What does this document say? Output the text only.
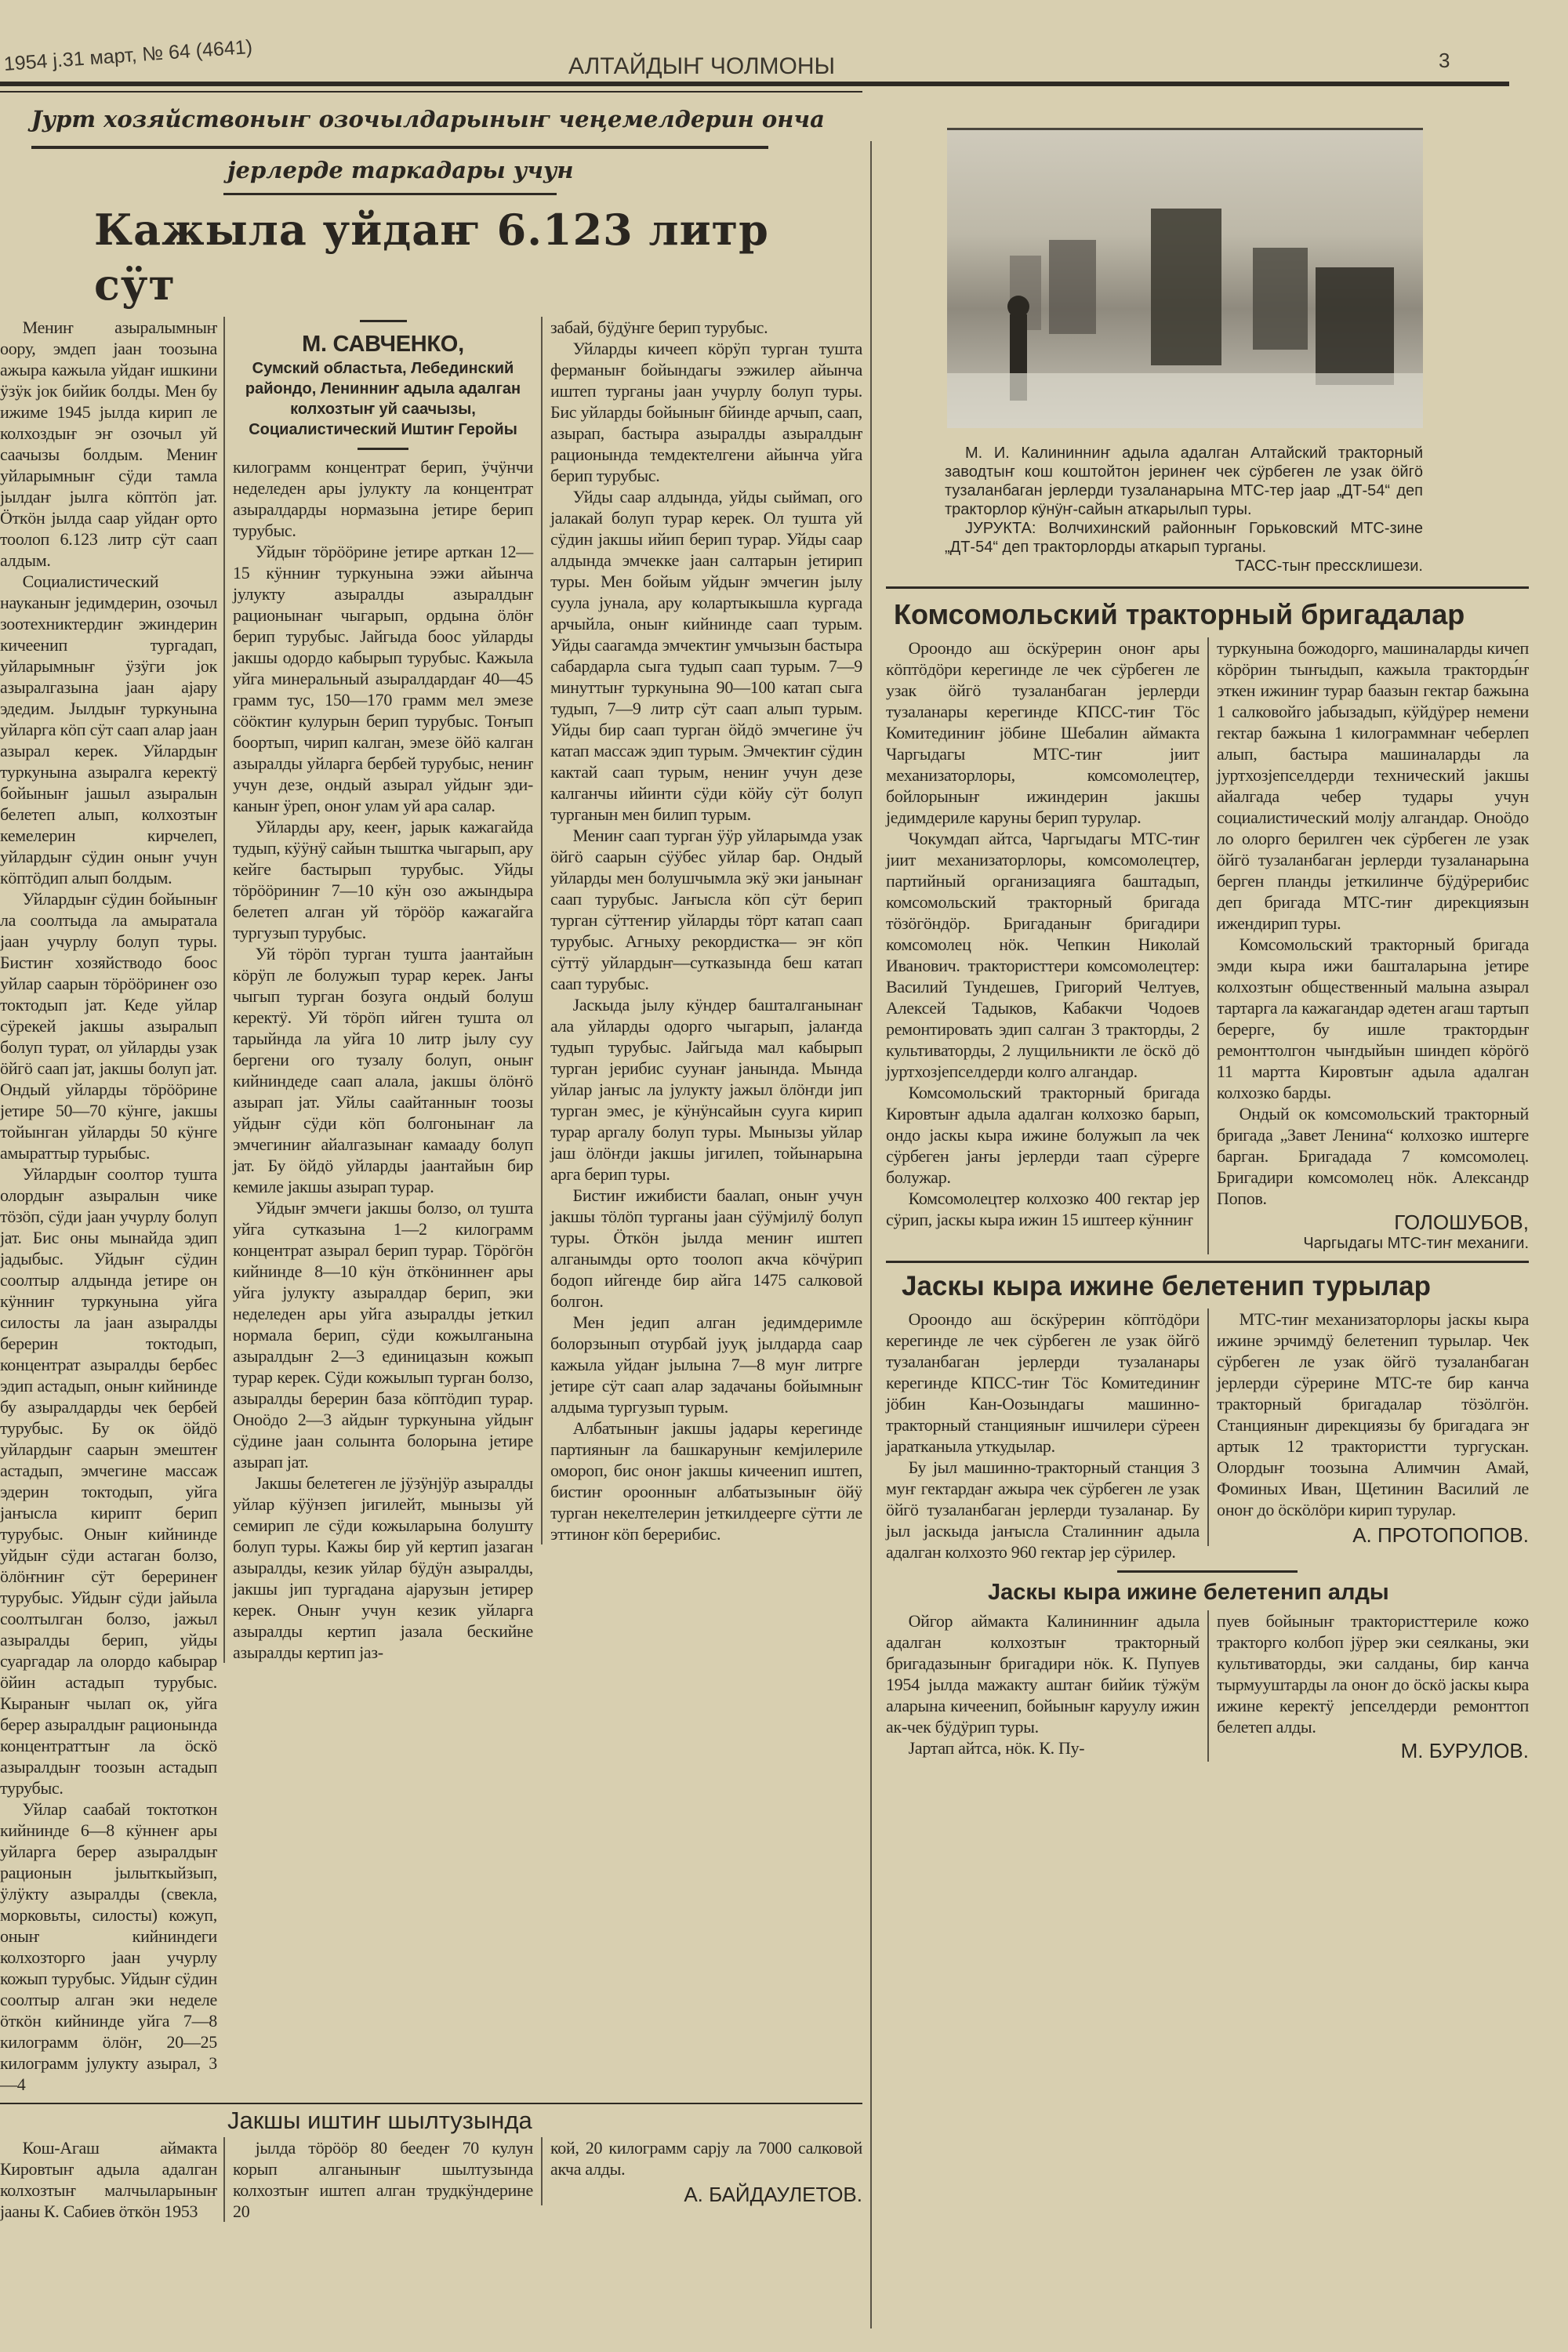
1954 j.31 март, № 64 (4641)	АЛТАЙДЫҤ ЧОЛМОНЫ	3
Јурт хозяйствоныҥ озочылдарыныҥ чеңемелдерин онча
јерлерде таркадары учун
Кажыла уйдаҥ 6.123 литр сӱт

Мениҥ азыралымныҥ оору, эмдеп јаан тоозына ажыра кажыла уйдаҥ ишкини ӱзӱк јок бийик болды. Мен бу ижиме 1945 јылда кирип ле колхоздыҥ эҥ озочыл уй саачызы болдым. Мениҥ уйларымныҥ сӱди тамла јылдаҥ јылга кӧптӧп јат. Ӧткӧн јылда саар уйдаҥ орто тоолоп 6.123 литр сӱт саап алдым.

Социалистический науканыҥ једимдерин, озочыл зоотехниктердиҥ эжиндерин кичеенип тургадап, уйларымныҥ ӱзӱги јок азыралгазына јаан ајару эдедим. Јылдыҥ туркунына уйларга кӧп сӱт саап алар јаан азырал керек. Уйлардыҥ туркунына азыралга керектӱ бойыныҥ јашыл азыралын белетеп алып, колхозтыҥ кемелерин кирчелеп, уйлардыҥ сӱдин оныҥ учун кӧптӧдип алып болдым.

Уйлардыҥ сӱдин бойыныҥ ла соолтыда ла амыратала јаан учурлу болуп туры. Бистиҥ хозяйстводо боос уйлар саарын тӧрӧӧринеҥ озо токтодып јат. Кеде уйлар сӱрекей јакшы азыралып болуп турат, ол уйларды узак ӧйгӧ саап јат, јакшы болуп јат. Ондый уйларды тӧрӧӧрине јетире 50—70 кӱнге, јакшы тойынган уйларды 50 кӱнге амыраттыр турыбыс.

Уйлардыҥ соолтор тушта олордыҥ азыралын чике тӧзӧп, сӱди јаан учурлу болуп јат. Бис оны мынайда эдип јадыбыс. Уйдыҥ сӱдин соолтыр алдында јетире он кӱнниҥ туркунына уйга силосты ла јаан азыралды берерин токтодып, концентрат азыралды бербес эдип астадып, оныҥ кийнинде бу азыралдарды чек бербей турубыс. Бу ок ӧйдӧ уйлардыҥ саарын эмештеҥ астадып, эмчегине массаж эдерин токтодып, уйга јаҥысла кирипт берип турубыс. Оныҥ кийнинде уйдыҥ сӱди астаган болзо, ӧлӧҥниҥ сӱт береринеҥ турубыс. Уйдыҥ сӱди јайыла соолтылган болзо, јажыл азыралды берип, уйды суаргадар ла олордо кабырар ӧйин астадып турубыс. Кыраныҥ чылап ок, уйга берер азыралдыҥ рационында концентраттыҥ ла ӧскӧ азыралдыҥ тоозын астадып турубыс.

Уйлар саабай токтоткон кийнинде 6—8 кӱннеҥ ары уйларга берер азыралдыҥ рационын јылыткыйзып, ӱлӱкту азыралды (свекла, морковьты, силосты) кожуп, оныҥ кийниндеги колхозторго јаан учурлу кожып турубыс. Уйдыҥ сӱдин соолтыр алган эки неделе ӧткӧн кийнинде уйга 7—8 килограмм ӧлӧҥ, 20—25 килограмм јулукту азырал, 3—4

М. САВЧЕНКО,
Сумский областьта, Лебединский райондо, Ленинниҥ адыла адалган колхозтыҥ уй саачызы, Социалистический Иштиҥ Геройы

килограмм концентрат берип, ӱчӱнчи неделеден ары јулукту ла концентрат азыралдарды нормазына јетире берип турубыс.

Уйдыҥ тӧрӧӧрине јетире арткан 12—15 кӱнниҥ туркунына ээжи айынча јулукту азыралды азыралдыҥ рационынаҥ чыгарып, ордына ӧлӧҥ берип турубыс. Јайгыда боос уйларды јакшы одордо кабырып турубыс. Кажыла уйга минеральный азыралдардаҥ 40—45 грамм тус, 150—170 грамм мел эмезе сӧӧктиҥ кулурын берип турубыс. Тоҥып боортып, чирип калган, эмезе ӧйӧ калган азыралды уйларга бербей турубыс, нениҥ учун дезе, ондый азырал уйдыҥ эди-каныҥ ӱреп, оноҥ улам уй ара салар.

Уйларды ару, кееҥ, јарык кажагайда тудып, кӱӱнӱ сайын тыштка чыгарып, ару кейге бастырып турубыс. Уйды тӧрӧӧриниҥ 7—10 кӱн озо ажындыра белетеп алган уй тӧрӧӧр кажагайга тургузып турубыс.

Уй тӧрӧп турган тушта јаантайын кӧрӱп ле болужып турар керек. Јаҥы чыгып турган бозуга ондый болуш керектӱ. Уй тӧрӧп ийген тушта ол тарыйнда ла уйга 10 литр јылу суу бергени ого тузалу болуп, оныҥ кийниндеде саап алала, јакшы ӧлӧҥӧ азырап јат. Уйлы саайтанныҥ тоозы уйдыҥ сӱди кӧп болгонынаҥ ла эмчегиниҥ айалгазынаҥ камааду болуп јат. Бу ӧйдӧ уйларды јаантайын бир кемиле јакшы азырап турар.

Уйдыҥ эмчеги јакшы болзо, ол тушта уйга сутказына 1—2 килограмм концентрат азырал берип турар. Тӧрӧгӧн кийнинде 8—10 кӱн ӧткӧниннеҥ ары уйга јулукту азыралдар берип, эки неделеден ары уйга азыралды јеткил нормала берип, сӱди кожылганына азыралдыҥ 2—3 единицазын кожып турар керек. Сӱди кожылып турган болзо, азыралды берерин база кӧптӧдип турар. Оноӧдо 2—3 айдыҥ туркунына уйдыҥ сӱдине јаан солынта болорына јетире азырап јат.

Јакшы белетеген ле јӱзӱнјӱр азыралды уйлар кӱӱнзеп јигилейт, мынызы уй семирип ле сӱди кожыларына болушту болуп туры. Кажы бир уй кертип јазаган азыралды, кезик уйлар бӱдӱн азыралды, јакшы јип тургадана ајарузын јетирер керек. Оныҥ учун кезик уйларга азыралды кертип јазала бескийне азыралды кертип јаз-

забай, бӱдӱнге берип турубыс.

Уйларды кичееп кӧрӱп турган тушта ферманыҥ бойындагы ээжилер айынча иштеп турганы јаан учурлу болуп туры. Бис уйларды бойыныҥ бйинде арчып, саап, азырап, бастыра азыралды азыралдыҥ рационында темдектелгени айынча уйга берип турубыс.

Уйды саар алдында, уйды сыймап, ого јалакай болуп турар керек. Ол тушта уй сӱдин јакшы ийип берип турар. Уйды саар алдында эмчекке јаан салтарын јетирип туры. Мен бойым уйдыҥ эмчегин јылу суула јунала, ару колартыкышла кургада арчыйла, оныҥ кийнинде саап турым. Уйды саагамда эмчектиҥ умчызын бастыра сабардарла сыга тудып саап турым. 7—9 минуттыҥ туркунына 90—100 катап сыга тудып, 7—9 литр сӱт саап алып турым. Уйды бир саап турган ӧйдӧ эмчегине ӱч катап массаж эдип турым. Эмчектиҥ сӱдин кактай саап турым, нениҥ учун дезе калганчы ийинти сӱди кӧйу сӱт болуп турганын мен билип турым.

Мениҥ саап турган ӱӱр уйларымда узак ӧйгӧ саарын сӱӱбес уйлар бар. Ондый уйларды мен болушчымла экӱ эки јанынаҥ саап турубыс. Јаҥысла кӧп сӱт берип турган сӱттеҥир уйларды тӧрт катап саап турубыс. Агныху рекордистка— эҥ кӧп сӱттӱ уйлардыҥ—сутказында беш катап саап турубыс.

Јаскыда јылу кӱндер башталганынаҥ ала уйларды одорго чыгарып, јалаҥда тудып турубыс. Јайгыда мал кабырып турган јерибис суунаҥ јанында. Мында уйлар јаҥыс ла јулукту јажыл ӧлӧҥди јип турган эмес, је кӱнӱнсайын сууга кирип турар аргалу болуп туры. Мынызы уйлар јаш ӧлӧҥди јакшы јигилеп, тойынарына арга берип туры.

Бистиҥ ижибисти баалап, оныҥ учун јакшы тӧлӧп турганы јаан сӱӱмјилӱ болуп туры. Ӧткӧн јылда мениҥ иштеп алганымды орто тоолоп акча кӧчӱрип бодоп ийгенде бир айга 1475 салковой болгон.

Мен једип алган једимдеримле болорзынып отурбай јууқ јылдарда саар кажыла уйдаҥ јылына 7—8 муҥ литрге јетире сӱт саап алар задачаны бойымныҥ алдыма тургузып турым.

Албатыныҥ јакшы јадары керегинде партияныҥ ла башкаруныҥ кемјилериле омороп, бис оноҥ јакшы кичеенип иштеп, бистиҥ ороонныҥ албатызыныҥ ӧйӱ турган некелтелерин јеткилдеерге сӱтти ле эттиноҥ кӧп берерибис.

Јакшы иштиҥ шылтузында

Кош-Агаш аймакта Кировтыҥ адыла адалган колхозтыҥ малчыларыныҥ јааны К. Сабиев ӧткӧн 1953

јылда тӧрӧӧр 80 беедеҥ 70 кулун корып алганыныҥ шылтузында колхозтыҥ иштеп алган трудкӱндерине 20

кой, 20 килограмм сарју ла 7000 салковой акча алды.

А. БАЙДАУЛЕТОВ.

М. И. Калининниҥ адыла адалган Алтайский тракторный заводтыҥ кош коштойтон јеринеҥ чек сӱрбеген ле узак ӧйгӧ тузаланбаган јерлерди тузаланарына МТС-тер јаар „ДТ-54“ деп тракторлор кӱнӱҥ-сайын аткарылып туры.

ЈУРУКТА: Волчихинский районныҥ Горьковский МТС-зине „ДТ-54“ деп тракторлорды аткарып турганы.

ТАСС-тыҥ пресcклишези.
Комсомольский тракторный бригадалар

Ороондо аш ӧскӱрерин оноҥ ары кӧптӧдӧри керегинде ле чек сӱрбеген ле узак ӧйгӧ тузаланбаган јерлерди тузаланары керегинде КПСС-тиҥ Тӧс Комитединиҥ јӧбине Шебалин аймакта Чаргыдагы МТС-тиҥ јиит механизаторлоры, комсомолецтер, бойлорыныҥ ижиндерин јакшы једимдериле каруны берип турулар.

Чокумдап айтса, Чаргыдагы МТС-тиҥ јиит механизаторлоры, комсомолецтер, партийный организацияга баштадып, комсомольский тракторный бригада тӧзӧгӧндӧр. Бригаданыҥ бригадири комсомолец нӧк. Чепкин Николай Иванович. трактористтери комсомолецтер: Василий Тундешев, Григорий Челтуев, Алексей Тадыков, Кабакчи Чодоев ремонтировать эдип салган 3 тракторды, 2 культиваторды, 2 лущильникти ле ӧскӧ дӧ јуртхозјепселдерди колго алгандар.

Комсомольский тракторный бригада Кировтыҥ адыла адалган колхозко барып, ондо јаскы кыра ижине болужып ла чек сӱрбеген јаҥы јерлерди таап сӱрерге болужар.

Комсомолецтер колхозко 400 гектар јер сӱрип, јаскы кыра ижин 15 иштеер кӱнниҥ

туркунына божодорго, машиналарды кичеп кӧрӧрин тыҥыдып, кажыла тракторды́ҥ эткен ижиниҥ турар баазын гектар бажына 1 салковойго јабызадып, кӱйдӱрер немени гектар бажына 1 килограммнаҥ чеберлеп алып, бастыра машиналарды ла јуртхозјепселдерди технический јакшы айалгада чебер тудары учун социалистический молју алгандар. Оноӧдо ло олорго берилген чек сӱрбеген ле узак ӧйгӧ тузаланбаган јерлерди тузаланарына берген планды јеткилинче бӱдӱрерибис деп бригада МТС-тиҥ дирекциязын ижендирип туры.

Комсомольский тракторный бригада эмди кыра ижи башталарына јетире колхозтыҥ общественный малына азырал тартарга ла кажагандар әдетен агаш тартып берерге, бу ишле трактордыҥ ремонттолгон чыҥдыйын шиндеп кӧрӧгӧ 11 мартта Кировтыҥ адыла адалган колхозко барды.

Ондый ок комсомольский тракторный бригада „Завет Ленина“ колхозко иштерге барган. Бригадада 7 комсомолец. Бригадири комсомолец нӧк. Александр Попов.

ГОЛОШУБОВ,
Чаргыдагы МТС-тиҥ механиги.
Јаскы кыра ижине белетенип турылар

Ороондо аш ӧскӱрерин кӧптӧдӧри керегинде ле чек сӱрбеген ле узак ӧйгӧ тузаланбаган јерлерди тузаланары керегинде КПСС-тиҥ Тӧс Комитединиҥ јӧбин Кан-Оозындагы машинно-тракторный станцияныҥ ишчилери сӱреен јаратканыла уткудылар.

Бу јыл машинно-тракторный станция 3 муҥ гектардаҥ ажыра чек сӱрбеген ле узак ӧйгӧ тузаланбаган јерлерди тузаланар. Бу јыл јаскыда јаҥысла Сталинниҥ адыла адалган колхозто 960 гектар јер сӱрилер.

МТС-тиҥ механизаторлоры јаскы кыра ижине эрчимдӱ белетенип турылар. Чек сӱрбеген ле узак ӧйгӧ тузаланбаган јерлерди сӱрерине МТС-те бир канча тракторный бригадалар тӧзӧлгӧн. Станцияныҥ дирекциязы бу бригадага эҥ артык 12 трактористти тургускан. Олордыҥ тоозына Алимчин Амай, Фоминых Иван, Щетинин Василий ле оноҥ до ӧскӧлӧри кирип турулар.

А. ПРОТОПОПОВ.
Јаскы кыра ижине белетенип алды

Ойгор аймакта Калининниҥ адыла адалган колхозтыҥ тракторный бригадазыныҥ бригадири нӧк. К. Пупуев 1954 јылда мажакту аштаҥ бийик тӱжӱм аларына кичеенип, бойыныҥ каруулу ижин ак-чек бӱдӱрип туры.

Јартап айтса, нӧк. К. Пу-

пуев бойыныҥ трактористтериле кожо тракторго колбоп јӱрер эки сеялканы, эки культиваторды, эки салданы, бир канча тырмууштарды ла оноҥ до ӧскӧ јаскы кыра ижине керектӱ јепселдерди ремонттоп белетеп алды.

М. БУРУЛОВ.
